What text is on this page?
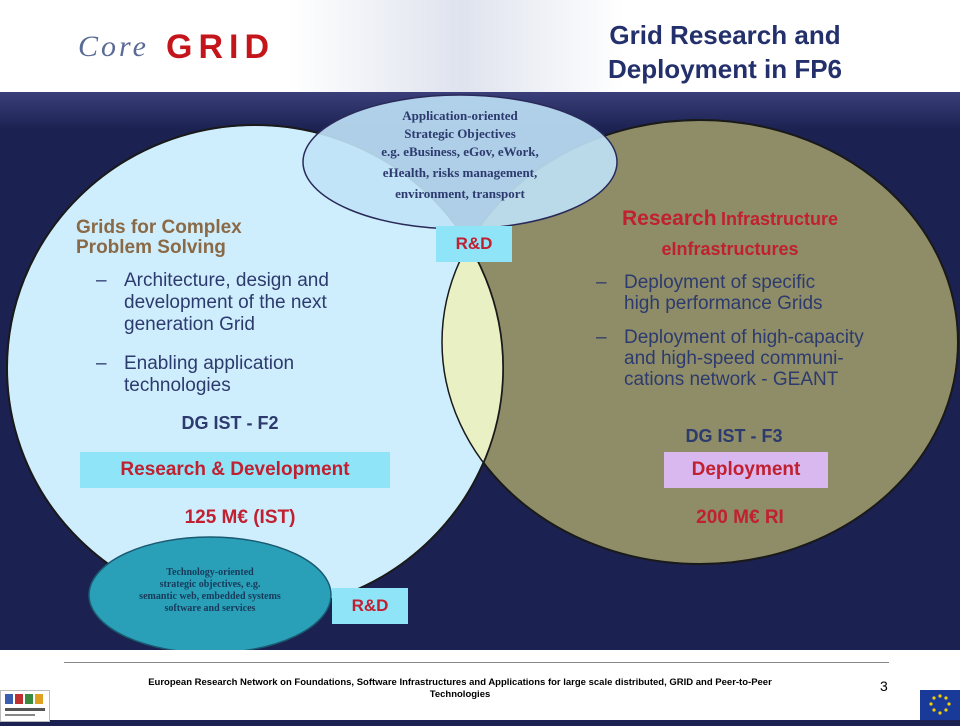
Core GRID	Grid Research and
Deployment in FP6
Application-oriented
Strategic Objectives
e.g. eBusiness, eGov, eWork,
eHealth, risks management,
environment, transport
Technology-oriented
strategic objectives, e.g.
semantic web, embedded systems
software and services
Grids for Complex
Problem Solving
– Architecture, design and
development of the next
generation Grid
– Enabling application
technologies
DG IST - F2
Research & Development
125 M€ (IST)
Research Infrastructure
eInfrastructures
– Deployment of specific
high performance Grids
– Deployment of high-capacity
and high-speed communi-
cations network - GEANT
DG IST - F3
Deployment
200 M€ RI
R&D
R&D
European Research Network on Foundations, Software Infrastructures and Applications for large scale distributed, GRID and Peer-to-Peer
Technologies
3
